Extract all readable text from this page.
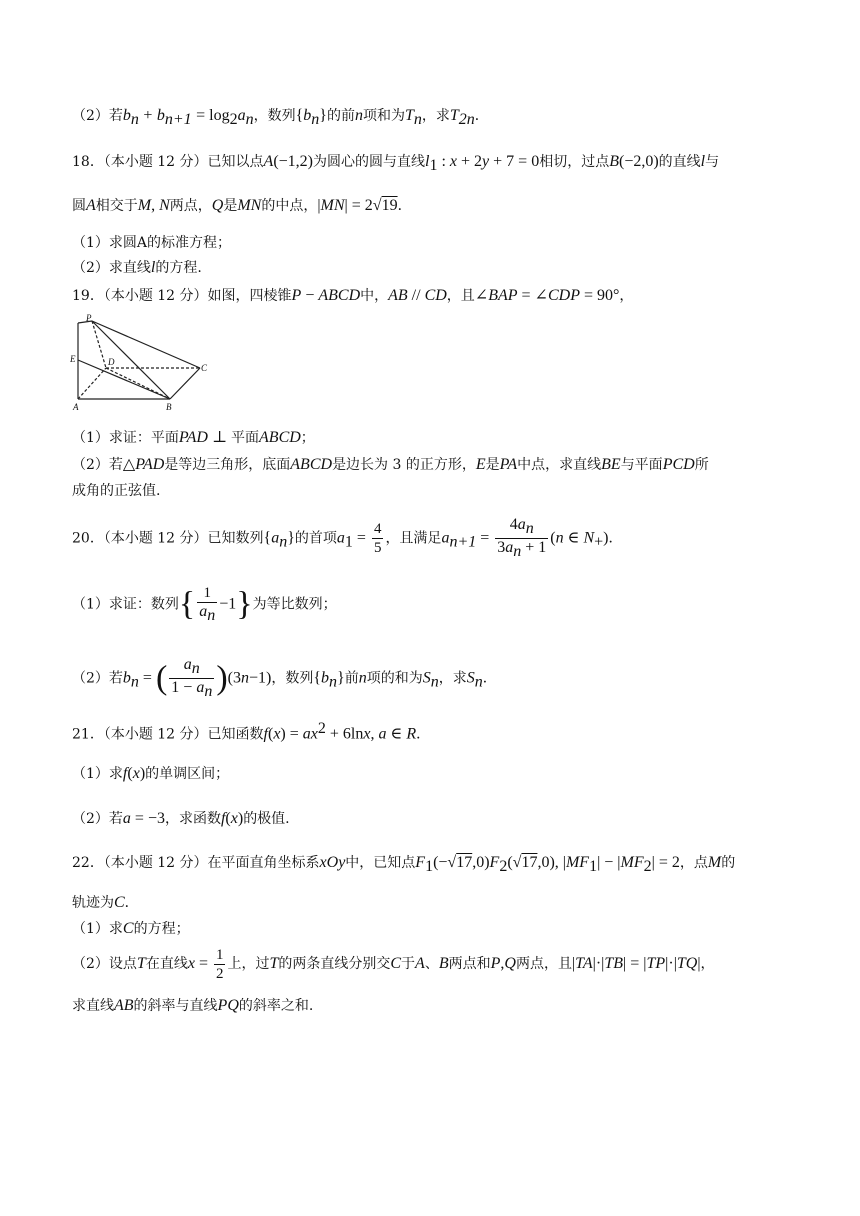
（2）若$b_n + b_{n+1} = \log_2a_n$，数列$\{b_n\}$的前n项和为$T_n$，求$T_{2n}$．
18．（本小题 12 分）已知以点A(−1,2)为圆心的圆与直线$l_1$ : x + 2y + 7 = 0相切，过点B(−2,0)的直线l与
圆A相交于M, N两点，Q是MN的中点，|MN| = 2√19．
（1）求圆A的标准方程；
（2）求直线l的方程.
19．（本小题 12 分）如图，四棱锥P − ABCD中，AB // CD，且∠BAP = ∠CDP = 90°，
P
E	D
C
A	B
（1）求证：平面PAD ⊥ 平面ABCD；
（2）若△PAD是等边三角形，底面ABCD是边长为 3 的正方形，E是PA中点，求直线BE与平面PCD所
成角的正弦值.
20．（本小题 12 分）已知数列$\{a_n\}$的首项$a_1 = \frac{4}{5}$ ，且满足$a_{n+1} = \frac{4a_n}{3a_n + 1} (n$ ∈ $N_+$)．
（1）求证：数列{ $\frac{1}{a_n} -1$}为等比数列；
（2）若$b_n$ = ( $\frac{a_n}{1 - a_n} )(3n-1)$，数列$\{b_n\}$前n项的和为$S_n$，求$S_n$．
21．（本小题 12 分）已知函数$f(x) = ax^2 + 6\ln x$, a ∈ R．
（1）求f(x)的单调区间；
（2）若a = −3，求函数f(x)的极值.
22．（本小题 12 分）在平面直角坐标系xOy中，已知点$F_1(-√17,0)F_2(√17,0)$, $|MF_1| - |MF_2| = 2$，点M的
轨迹为C．
（1）求C的方程；
（2）设点T在直线$x = \frac{1}{2}$ 上，过T的两条直线分别交C于A、B两点和P,Q两点，且|TA|·|TB| = |TP|·|TQ|，
求直线AB的斜率与直线PQ的斜率之和.
